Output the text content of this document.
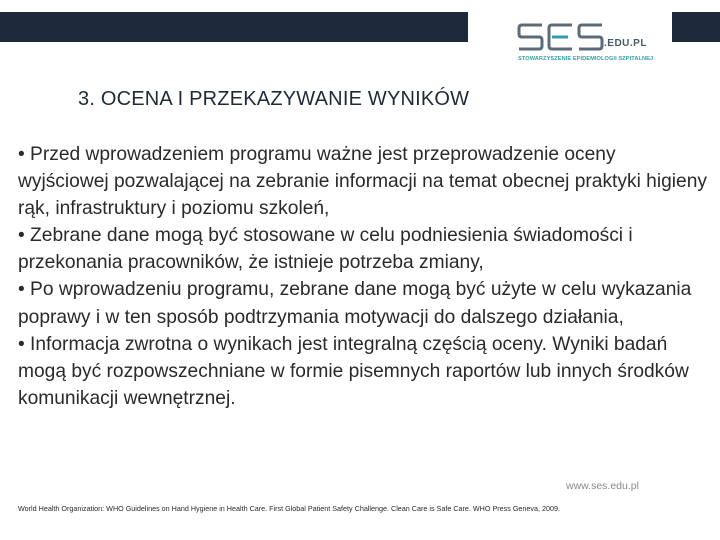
.EDU.PL
STOWARZYSZENIE EPIDEMIOLOGII SZPITALNEJ
3. OCENA I PRZEKAZYWANIE WYNIKÓW

• Przed wprowadzeniem programu ważne jest przeprowadzenie oceny wyjściowej pozwalającej na zebranie informacji na temat obecnej praktyki higieny rąk, infrastruktury i poziomu szkoleń,

• Zebrane dane mogą być stosowane w celu podniesienia świadomości i przekonania pracowników, że istnieje potrzeba zmiany,

• Po wprowadzeniu programu, zebrane dane mogą być użyte w celu wykazania poprawy i w ten sposób podtrzymania motywacji do dalszego działania,

• Informacja zwrotna o wynikach jest integralną częścią oceny. Wyniki badań mogą być rozpowszechniane w formie pisemnych raportów lub innych środków komunikacji wewnętrznej.

www.ses.edu.pl
World Health Organization: WHO Guidelines on Hand Hygiene in Health Care. First Global Patient Safety Challenge. Clean Care is Safe Care. WHO Press Geneva, 2009.
